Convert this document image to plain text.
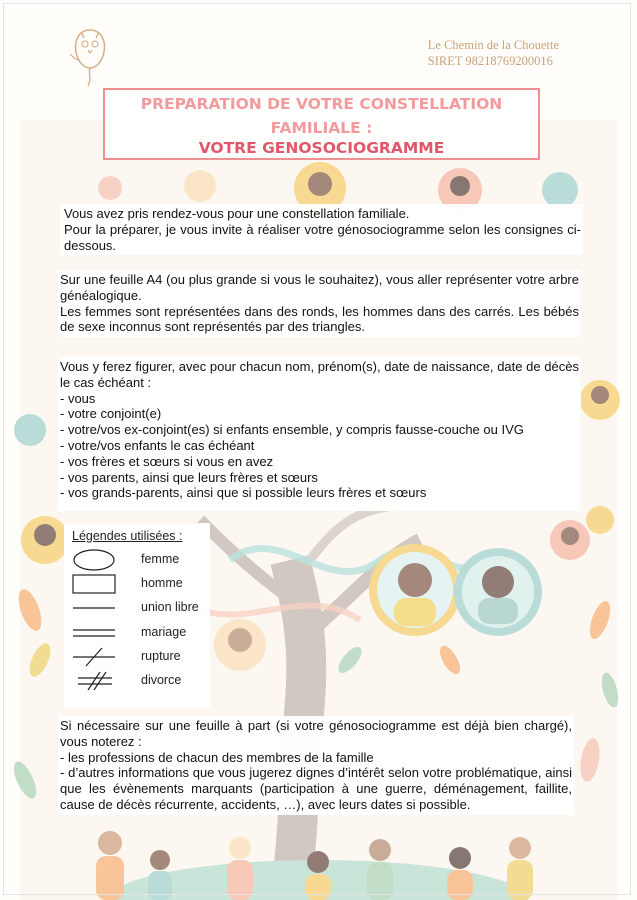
Le Chemin de la Chouette
SIRET 98218769200016
PREPARATION DE VOTRE CONSTELLATION
FAMILIALE :
VOTRE GENOSOCIOGRAMME

Vous avez pris rendez-vous pour une constellation familiale.

Pour la préparer, je vous invite à réaliser votre génosociogramme selon les consignes ci-dessous.

Sur une feuille A4 (ou plus grande si vous le souhaitez), vous aller représenter votre arbre généalogique.

Les femmes sont représentées dans des ronds, les hommes dans des carrés. Les bébés de sexe inconnus sont représentés par des triangles.

Vous y ferez figurer, avec pour chacun nom, prénom(s), date de naissance, date de décès le cas échéant :

- vous
- votre conjoint(e)
- votre/vos ex-conjoint(es) si enfants ensemble, y compris fausse-couche ou IVG
- votre/vos enfants le cas échéant
- vos frères et sœurs si vous en avez
- vos parents, ainsi que leurs frères et sœurs
- vos grands-parents, ainsi que si possible leurs frères et sœurs
Légendes utilisées :
femme
homme
union libre
mariage
rupture
divorce

Si nécessaire sur une feuille à part (si votre génosociogramme est déjà bien chargé), vous noterez :

- les professions de chacun des membres de la famille

- d’autres informations que vous jugerez dignes d’intérêt selon votre problématique, ainsi que les évènements marquants (participation à une guerre, déménagement, faillite, cause de décès récurrente, accidents, …), avec leurs dates si possible.
